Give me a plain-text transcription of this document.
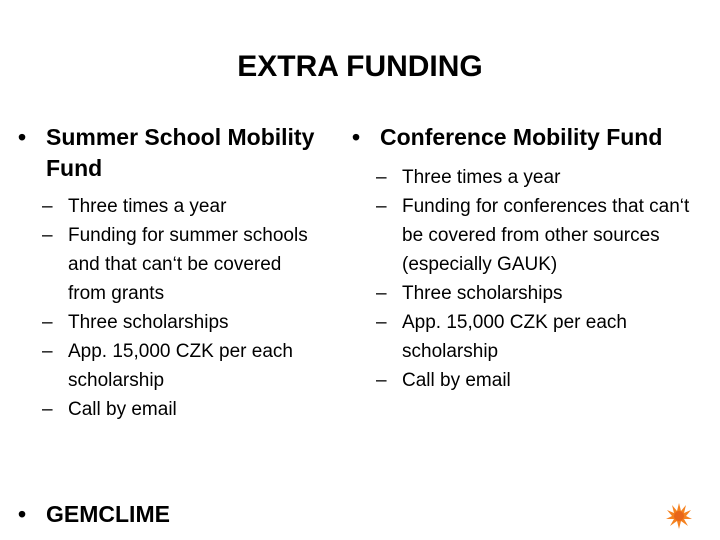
EXTRA FUNDING
• Summer School Mobility Fund
– Three times a year
– Funding for summer schools and that can‘t be covered from grants
– Three scholarships
– App. 15,000 CZK per each scholarship
– Call by email
• Conference Mobility Fund
– Three times a year
– Funding for conferences that can‘t be covered from other sources (especially GAUK)
– Three scholarships
– App. 15,000 CZK per each scholarship
– Call by email
• GEMCLIME
